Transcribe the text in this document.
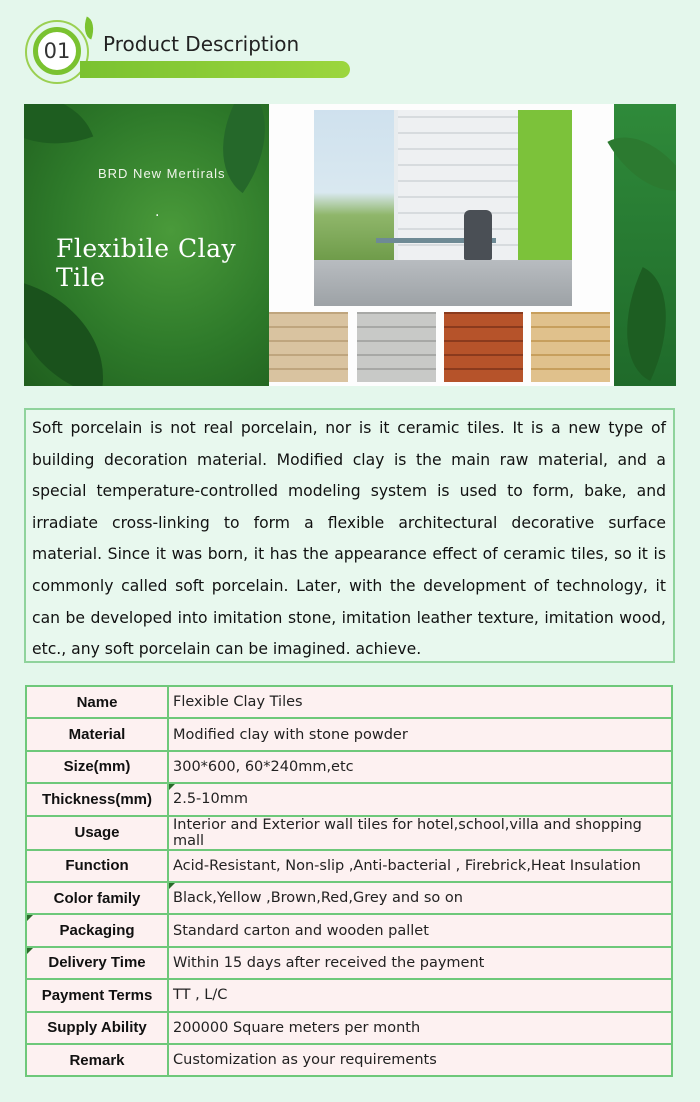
01	Product Description
BRD New Mertirals
.
Flexibile Clay Tile

Soft porcelain is not real porcelain, nor is it ceramic tiles. It is a new type of building decoration material. Modified clay is the main raw material, and a special temperature-controlled modeling system is used to form, bake, and irradiate cross-linking to form a flexible architectural decorative surface material. Since it was born, it has the appearance effect of ceramic tiles, so it is commonly called soft porcelain. Later, with the development of technology, it can be developed into imitation stone, imitation leather texture, imitation wood, etc., any soft porcelain can be imagined. achieve.

Name	Flexible Clay Tiles
Material	Modified clay with stone powder
Size(mm)	300*600, 60*240mm,etc
Thickness(mm)	2.5-10mm

Usage	Interior and Exterior wall tiles for hotel,school,villa and shopping mall
Function	Acid-Resistant, Non-slip ,Anti-bacterial , Firebrick,Heat Insulation
Color family	Black,Yellow ,Brown,Red,Grey and so on

Packaging	Standard carton and wooden pallet
Delivery Time	Within 15 days after received the payment
Payment Terms	TT , L/C
Supply Ability	200000 Square meters per month
Remark	Customization as your requirements
